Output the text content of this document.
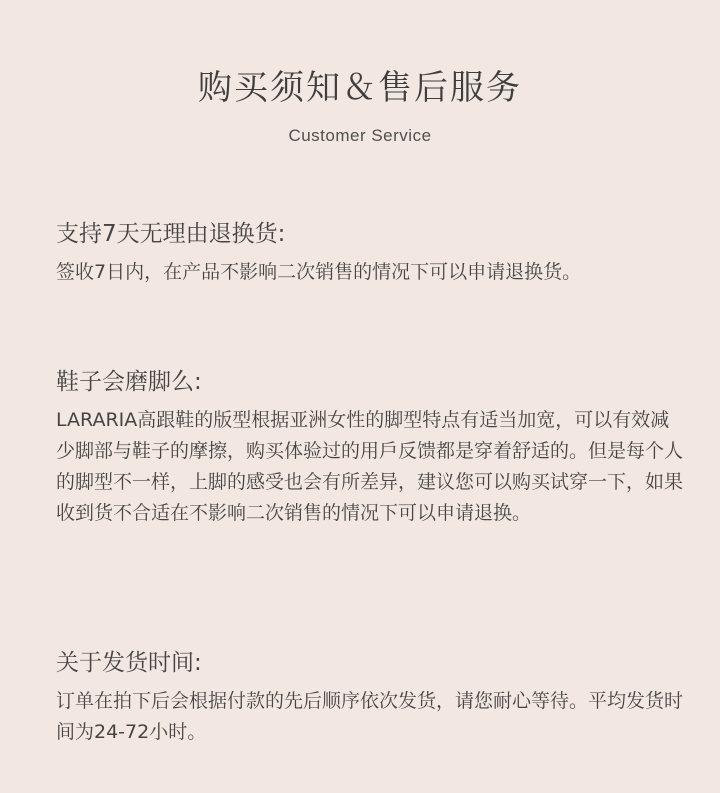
购买须知＆售后服务
Customer Service
支持7天无理由退换货:

签收7日内，在产品不影响二次销售的情况下可以申请退换货。

鞋子会磨脚么:

LARARIA高跟鞋的版型根据亚洲女性的脚型特点有适当加宽，可以有效减少脚部与鞋子的摩擦，购买体验过的用戶反馈都是穿着舒适的。但是每个人的脚型不一样，上脚的感受也会有所差异，建议您可以购买试穿一下，如果收到货不合适在不影响二次销售的情况下可以申请退换。

关于发货时间:

订单在拍下后会根据付款的先后顺序依次发货，请您耐心等待。平均发货时间为24-72小时。
